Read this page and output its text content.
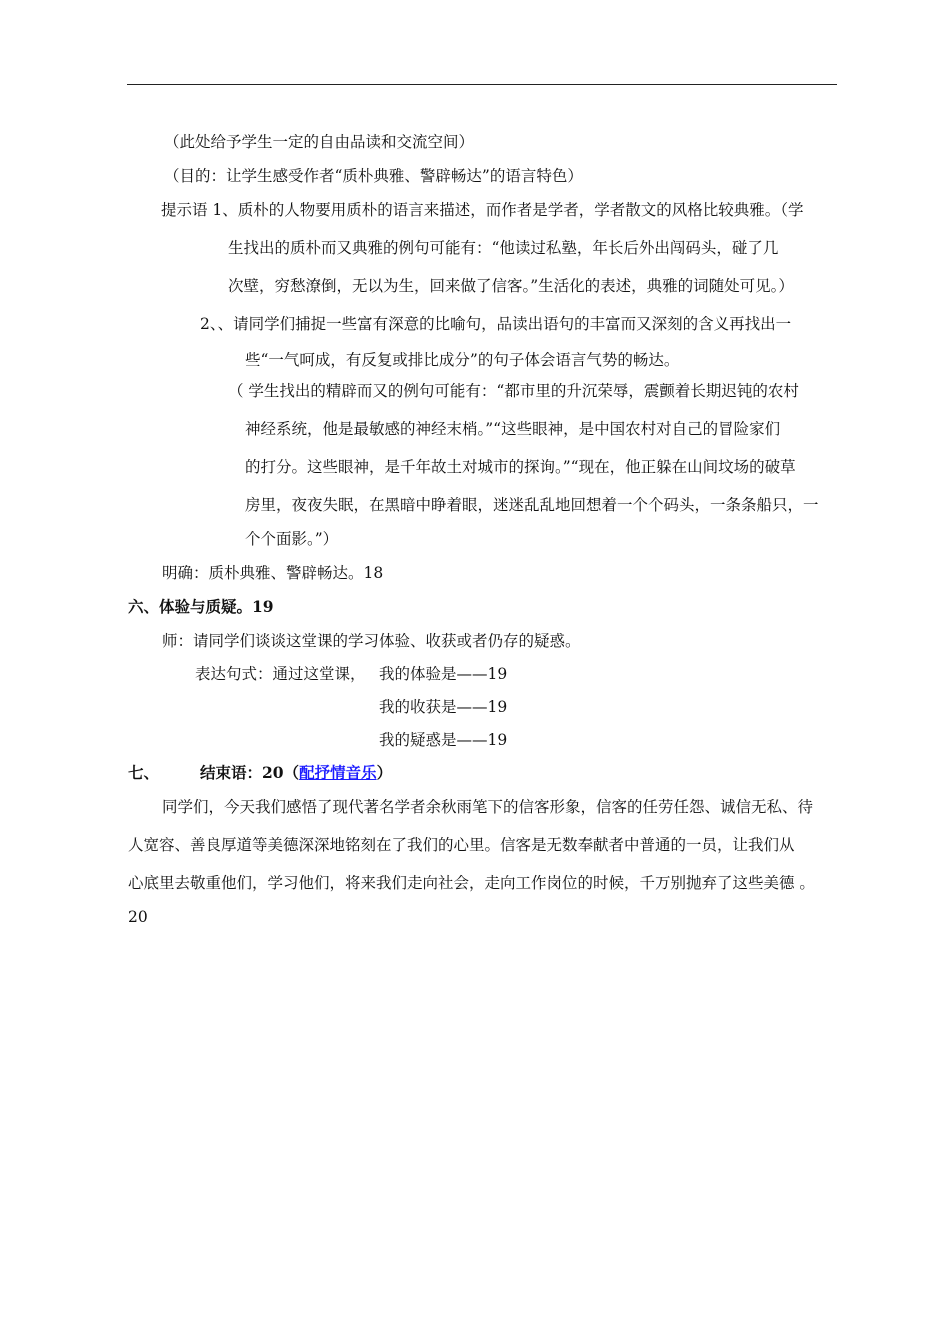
（此处给予学生一定的自由品读和交流空间）
（目的：让学生感受作者“质朴典雅、警辟畅达”的语言特色）
提示语 1、质朴的人物要用质朴的语言来描述，而作者是学者，学者散文的风格比较典雅。（学
生找出的质朴而又典雅的例句可能有：“他读过私塾，年长后外出闯码头，碰了几
次壁，穷愁潦倒，无以为生，回来做了信客。”生活化的表述，典雅的词随处可见。）
2、、请同学们捕捉一些富有深意的比喻句，品读出语句的丰富而又深刻的含义再找出一
些“一气呵成，有反复或排比成分”的句子体会语言气势的畅达。
（ 学生找出的精辟而又的例句可能有：“都市里的升沉荣辱，震颤着长期迟钝的农村
神经系统，他是最敏感的神经末梢。”“这些眼神，是中国农村对自己的冒险家们
的打分。这些眼神，是千年故土对城市的探询。”“现在，他正躲在山间坟场的破草
房里，夜夜失眠，在黑暗中睁着眼，迷迷乱乱地回想着一个个码头，一条条船只，一
个个面影。”）
明确：质朴典雅、警辟畅达。18
六、体验与质疑。19
师：请同学们谈谈这堂课的学习体验、收获或者仍存的疑惑。
表达句式：通过这堂课， 我的体验是——19
我的收获是——19
我的疑惑是——19
七、	结束语：20（配抒情音乐）
同学们，今天我们感悟了现代著名学者余秋雨笔下的信客形象，信客的任劳任怨、诚信无私、待
人宽容、善良厚道等美德深深地铭刻在了我们的心里。信客是无数奉献者中普通的一员，让我们从
心底里去敬重他们，学习他们，将来我们走向社会，走向工作岗位的时候，千万别抛弃了这些美德 。
20
